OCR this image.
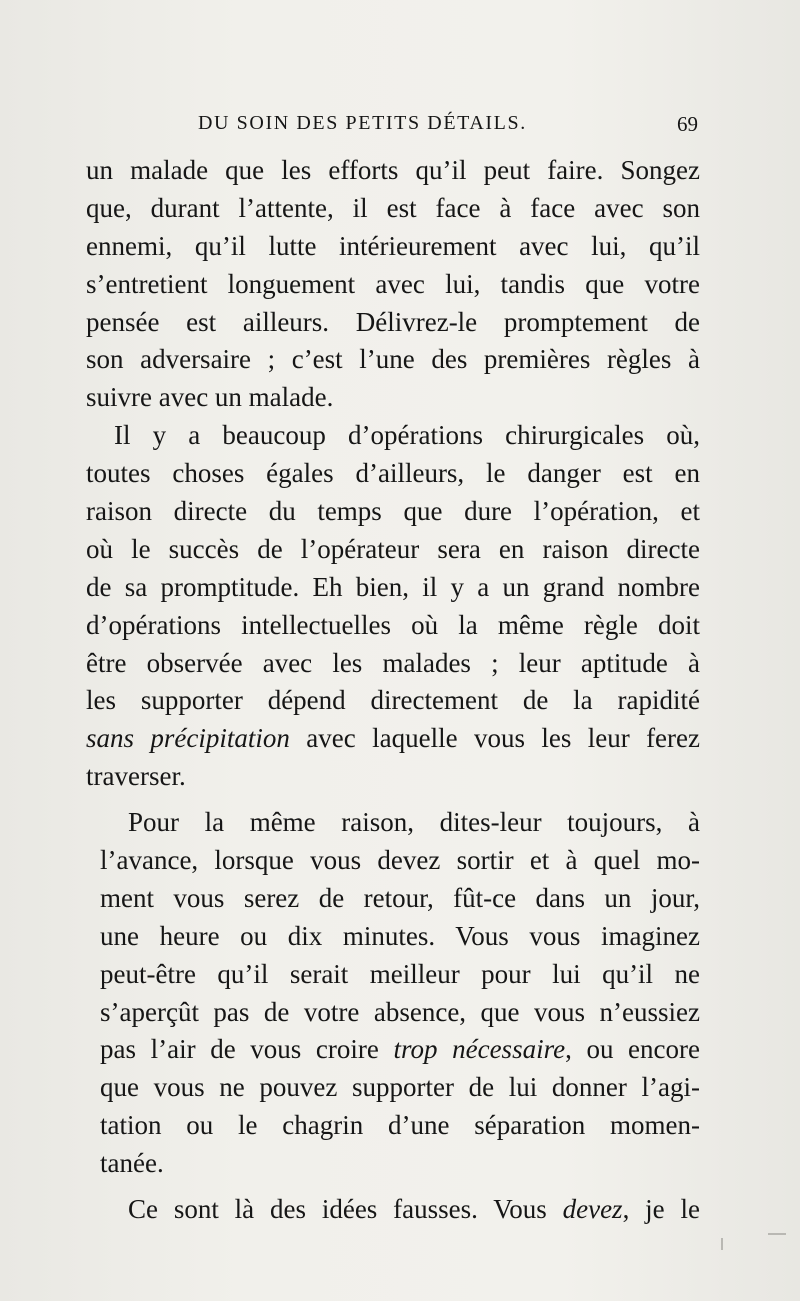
DU SOIN DES PETITS DÉTAILS.	69
un malade que les efforts qu’il peut faire. Songez
que, durant l’attente, il est face à face avec son
ennemi, qu’il lutte intérieurement avec lui, qu’il
s’entretient longuement avec lui, tandis que votre
pensée est ailleurs. Délivrez-le promptement de
son adversaire ; c’est l’une des premières règles à
suivre avec un malade.
Il y a beaucoup d’opérations chirurgicales où,
toutes choses égales d’ailleurs, le danger est en
raison directe du temps que dure l’opération, et
où le succès de l’opérateur sera en raison directe
de sa promptitude. Eh bien, il y a un grand nombre
d’opérations intellectuelles où la même règle doit
être observée avec les malades ; leur aptitude à
les supporter dépend directement de la rapidité
sans précipitation avec laquelle vous les leur ferez
traverser.
Pour la même raison, dites-leur toujours, à
l’avance, lorsque vous devez sortir et à quel mo-
ment vous serez de retour, fût-ce dans un jour,
une heure ou dix minutes. Vous vous imaginez
peut-être qu’il serait meilleur pour lui qu’il ne
s’aperçût pas de votre absence, que vous n’eussiez
pas l’air de vous croire trop nécessaire, ou encore
que vous ne pouvez supporter de lui donner l’agi-
tation ou le chagrin d’une séparation momen-
tanée.
Ce sont là des idées fausses. Vous devez, je le
